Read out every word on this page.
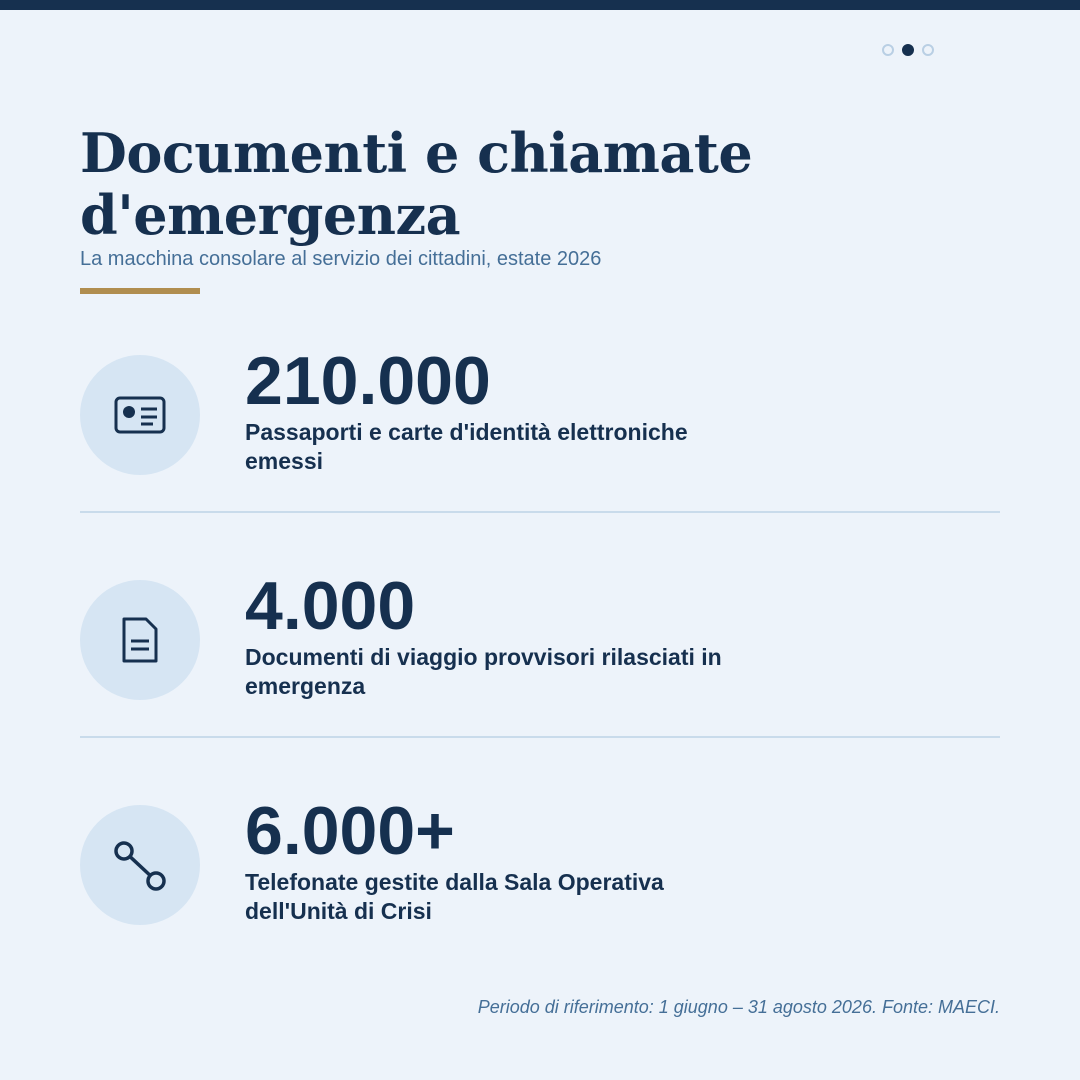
Documenti e chiamate d'emergenza

La macchina consolare al servizio dei cittadini, estate 2026

210.000

Passaporti e carte d'identità elettroniche emessi

4.000

Documenti di viaggio provvisori rilasciati in emergenza

6.000+

Telefonate gestite dalla Sala Operativa dell'Unità di Crisi

Periodo di riferimento: 1 giugno – 31 agosto 2026. Fonte: MAECI.
